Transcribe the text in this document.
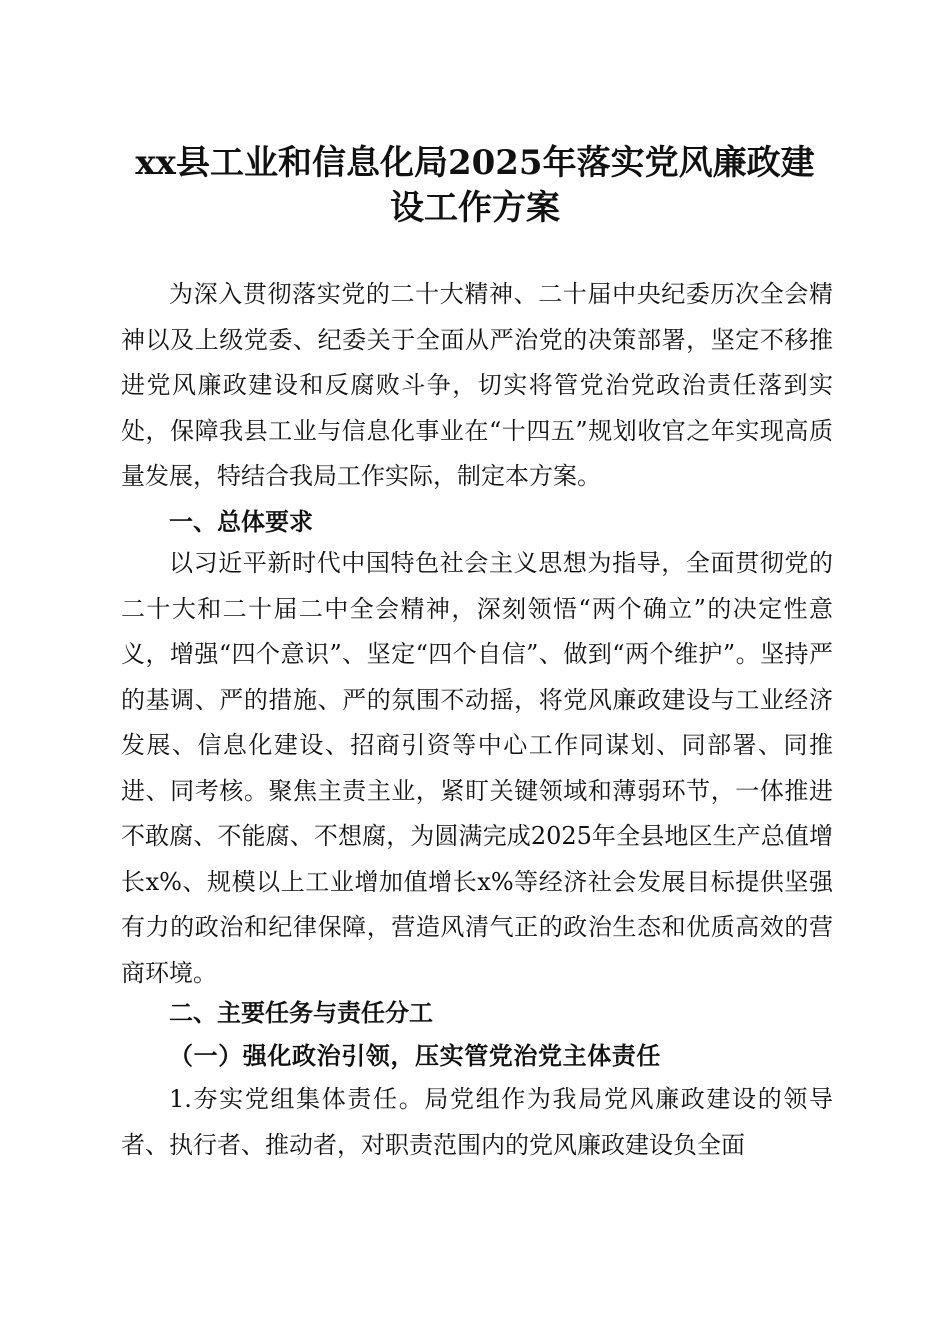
xx县工业和信息化局2025年落实党风廉政建
设工作方案

为深入贯彻落实党的二十大精神、二十届中央纪委历次全会精神以及上级党委、纪委关于全面从严治党的决策部署，坚定不移推进党风廉政建设和反腐败斗争，切实将管党治党政治责任落到实处，保障我县工业与信息化事业在“十四五”规划收官之年实现高质量发展，特结合我局工作实际，制定本方案。

一、总体要求

以习近平新时代中国特色社会主义思想为指导，全面贯彻党的二十大和二十届二中全会精神，深刻领悟“两个确立”的决定性意义，增强“四个意识”、坚定“四个自信”、做到“两个维护”。坚持严的基调、严的措施、严的氛围不动摇，将党风廉政建设与工业经济发展、信息化建设、招商引资等中心工作同谋划、同部署、同推进、同考核。聚焦主责主业，紧盯关键领域和薄弱环节，一体推进不敢腐、不能腐、不想腐，为圆满完成2025年全县地区生产总值增长x%、规模以上工业增加值增长x%等经济社会发展目标提供坚强有力的政治和纪律保障，营造风清气正的政治生态和优质高效的营商环境。

二、主要任务与责任分工
（一）强化政治引领，压实管党治党主体责任

1.夯实党组集体责任。局党组作为我局党风廉政建设的领导者、执行者、推动者，对职责范围内的党风廉政建设负全面
